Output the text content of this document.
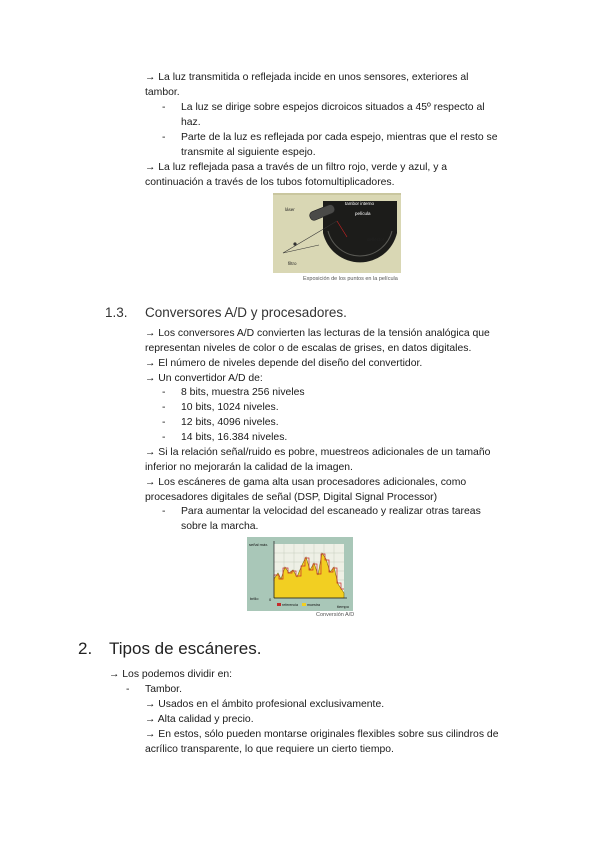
→ La luz transmitida o reflejada incide en unos sensores, exteriores al
tambor.
- La luz se dirige sobre espejos dicroicos situados a 45º respecto al
haz.
- Parte de la luz es reflejada por cada espejo, mientras que el resto se
transmite al siguiente espejo.
→ La luz reflejada pasa a través de un filtro rojo, verde y azul, y a
continuación a través de los tubos fotomultiplicadores.
láser
tambor interno
película
deflector
filtro
Exposición de los puntos en la película
1.3. Conversores A/D y procesadores.
→ Los conversores A/D convierten las lecturas de la tensión analógica que
representan niveles de color o de escalas de grises, en datos digitales.
→ El número de niveles depende del diseño del convertidor.
→ Un convertidor A/D de:
- 8 bits, muestra 256 niveles
- 10 bits, 1024 niveles.
- 12 bits, 4096 niveles.
- 14 bits, 16.384 niveles.
→ Si la relación señal/ruido es pobre, muestreos adicionales de un tamaño
inferior no mejorarán la calidad de la imagen.
→ Los escáneres de gama alta usan procesadores adicionales, como
procesadores digitales de señal (DSP, Digital Signal Processor)
- Para aumentar la velocidad del escaneado y realizar otras tareas
sobre la marcha.
señal máx.
brillo	0
tiempo
referencia	muestra
Conversión A/D
2. Tipos de escáneres.
→ Los podemos dividir en:
- Tambor.
→ Usados en el ámbito profesional exclusivamente.
→ Alta calidad y precio.
→ En estos, sólo pueden montarse originales flexibles sobre sus cilindros de
acrílico transparente, lo que requiere un cierto tiempo.
